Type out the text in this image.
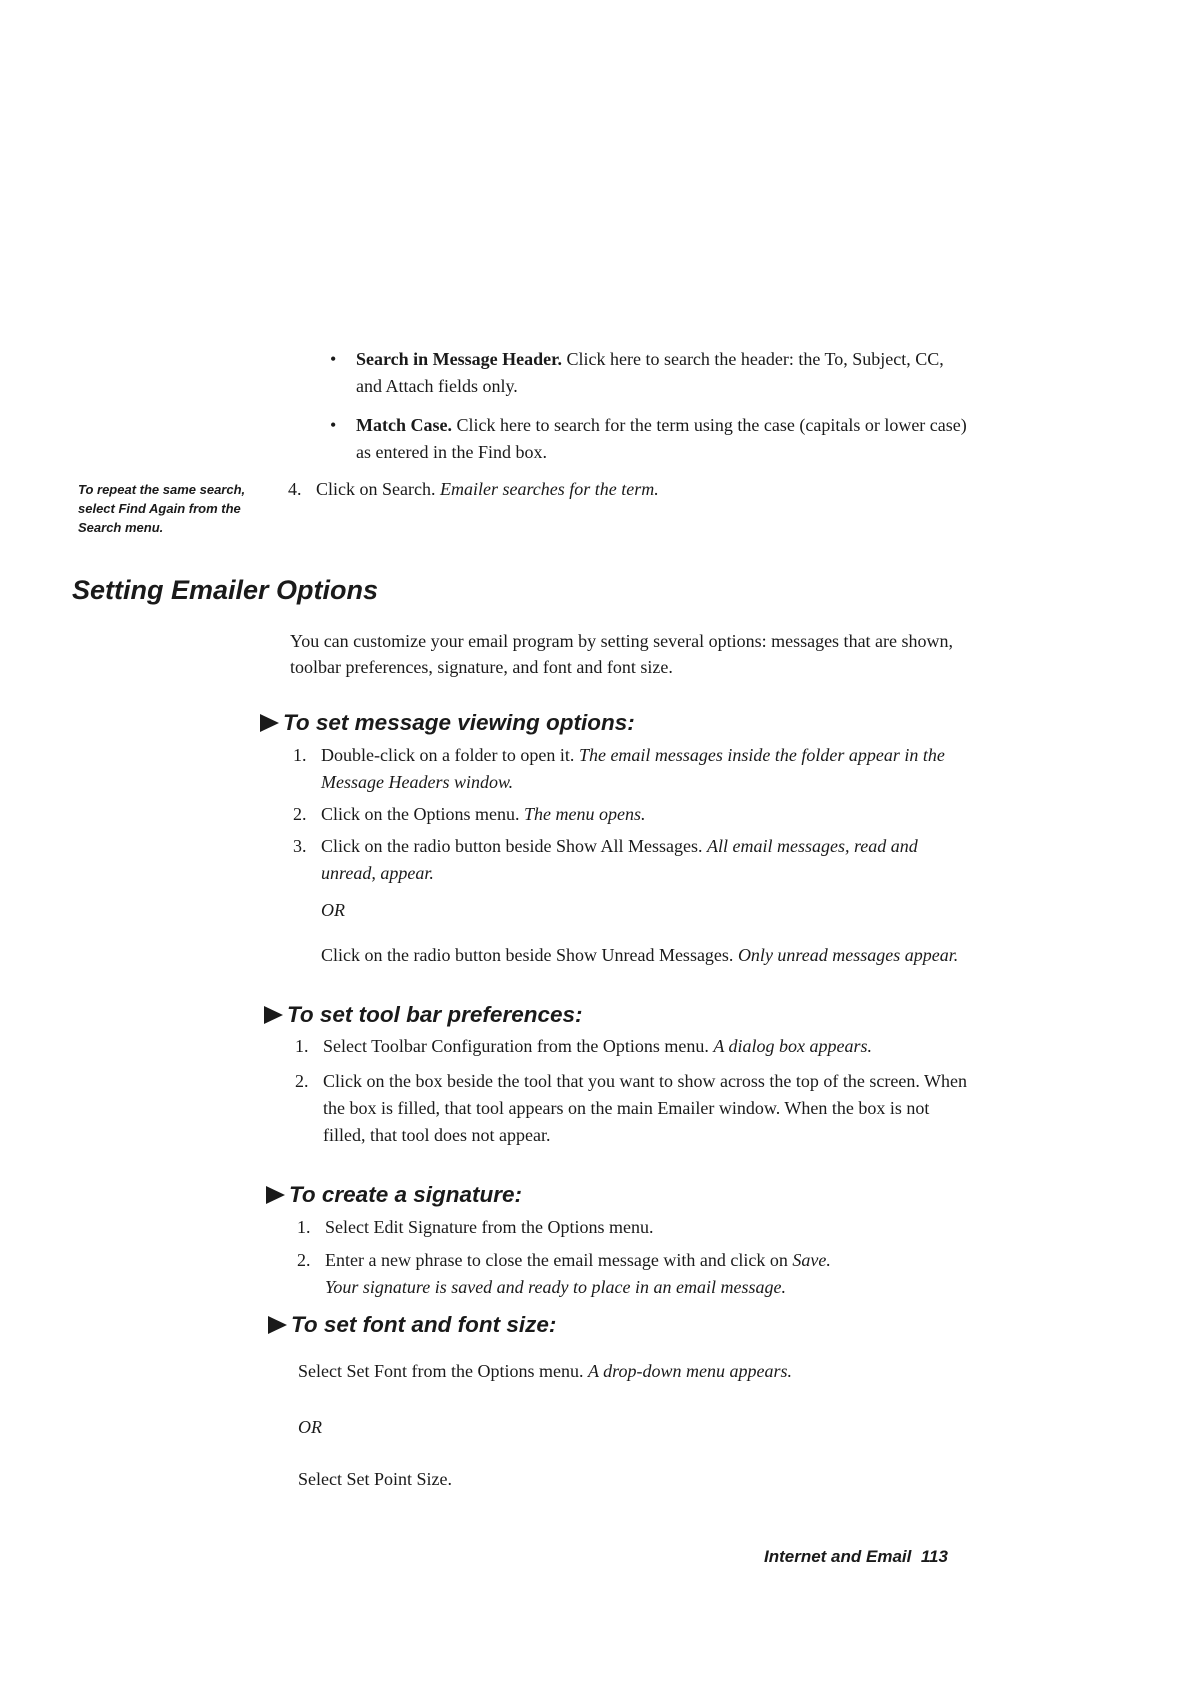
• Search in Message Header. Click here to search the header: the To, Subject, CC, and Attach fields only.
• Match Case. Click here to search for the term using the case (capitals or lower case) as entered in the Find box.
To repeat the same search, select Find Again from the Search menu.
4. Click on Search. Emailer searches for the term.
Setting Emailer Options
You can customize your email program by setting several options: messages that are shown, toolbar preferences, signature, and font and font size.
To set message viewing options:
1. Double-click on a folder to open it. The email messages inside the folder appear in the Message Headers window.
2. Click on the Options menu. The menu opens.
3. Click on the radio button beside Show All Messages. All email messages, read and unread, appear.
OR
Click on the radio button beside Show Unread Messages. Only unread messages appear.
To set tool bar preferences:
1. Select Toolbar Configuration from the Options menu. A dialog box appears.
2. Click on the box beside the tool that you want to show across the top of the screen. When the box is filled, that tool appears on the main Emailer window. When the box is not filled, that tool does not appear.
To create a signature:
1. Select Edit Signature from the Options menu.
2. Enter a new phrase to close the email message with and click on Save.
Your signature is saved and ready to place in an email message.
To set font and font size:
Select Set Font from the Options menu. A drop-down menu appears.
OR
Select Set Point Size.
Internet and Email 113
